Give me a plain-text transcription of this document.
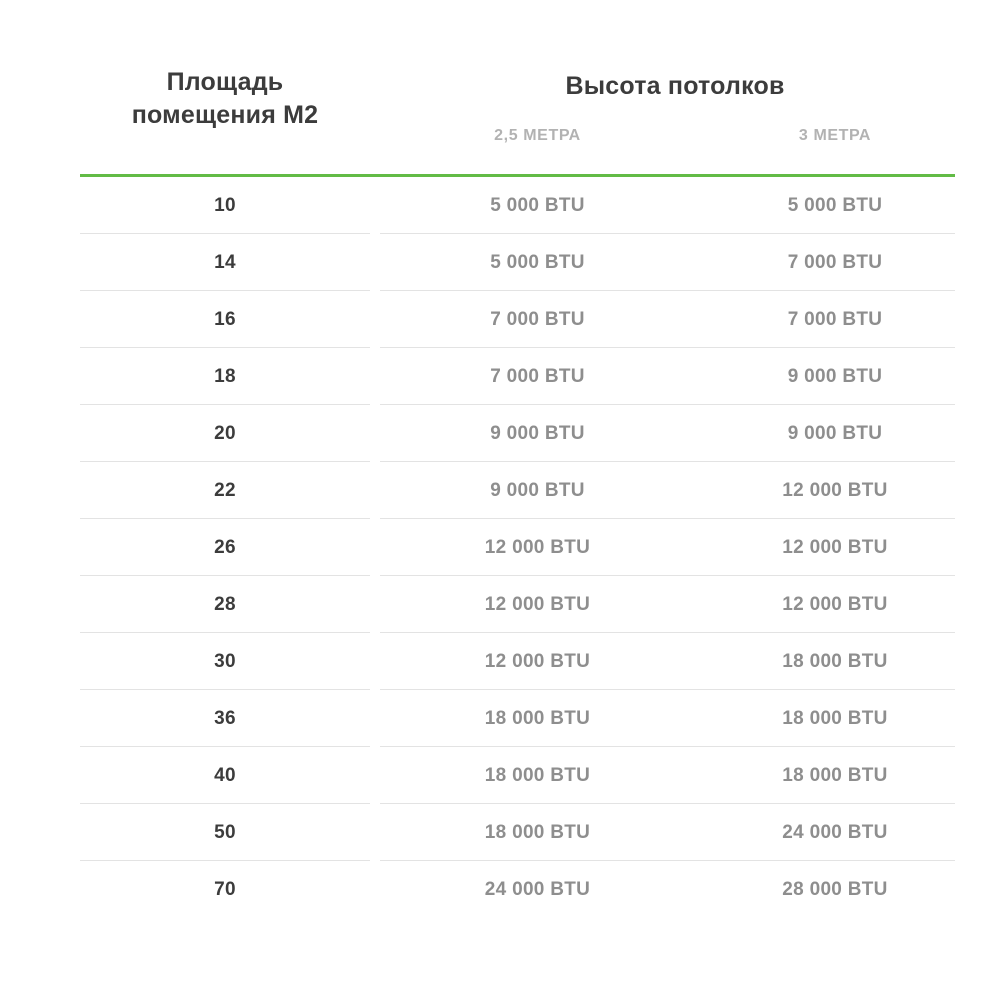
Площадь
помещения М2
Высота потолков
2,5 МЕТРА	3 МЕТРА
10	5 000 BTU	5 000 BTU
14	5 000 BTU	7 000 BTU
16	7 000 BTU	7 000 BTU
18	7 000 BTU	9 000 BTU
20	9 000 BTU	9 000 BTU
22	9 000 BTU	12 000 BTU
26	12 000 BTU	12 000 BTU
28	12 000 BTU	12 000 BTU
30	12 000 BTU	18 000 BTU
36	18 000 BTU	18 000 BTU
40	18 000 BTU	18 000 BTU
50	18 000 BTU	24 000 BTU
70	24 000 BTU	28 000 BTU
